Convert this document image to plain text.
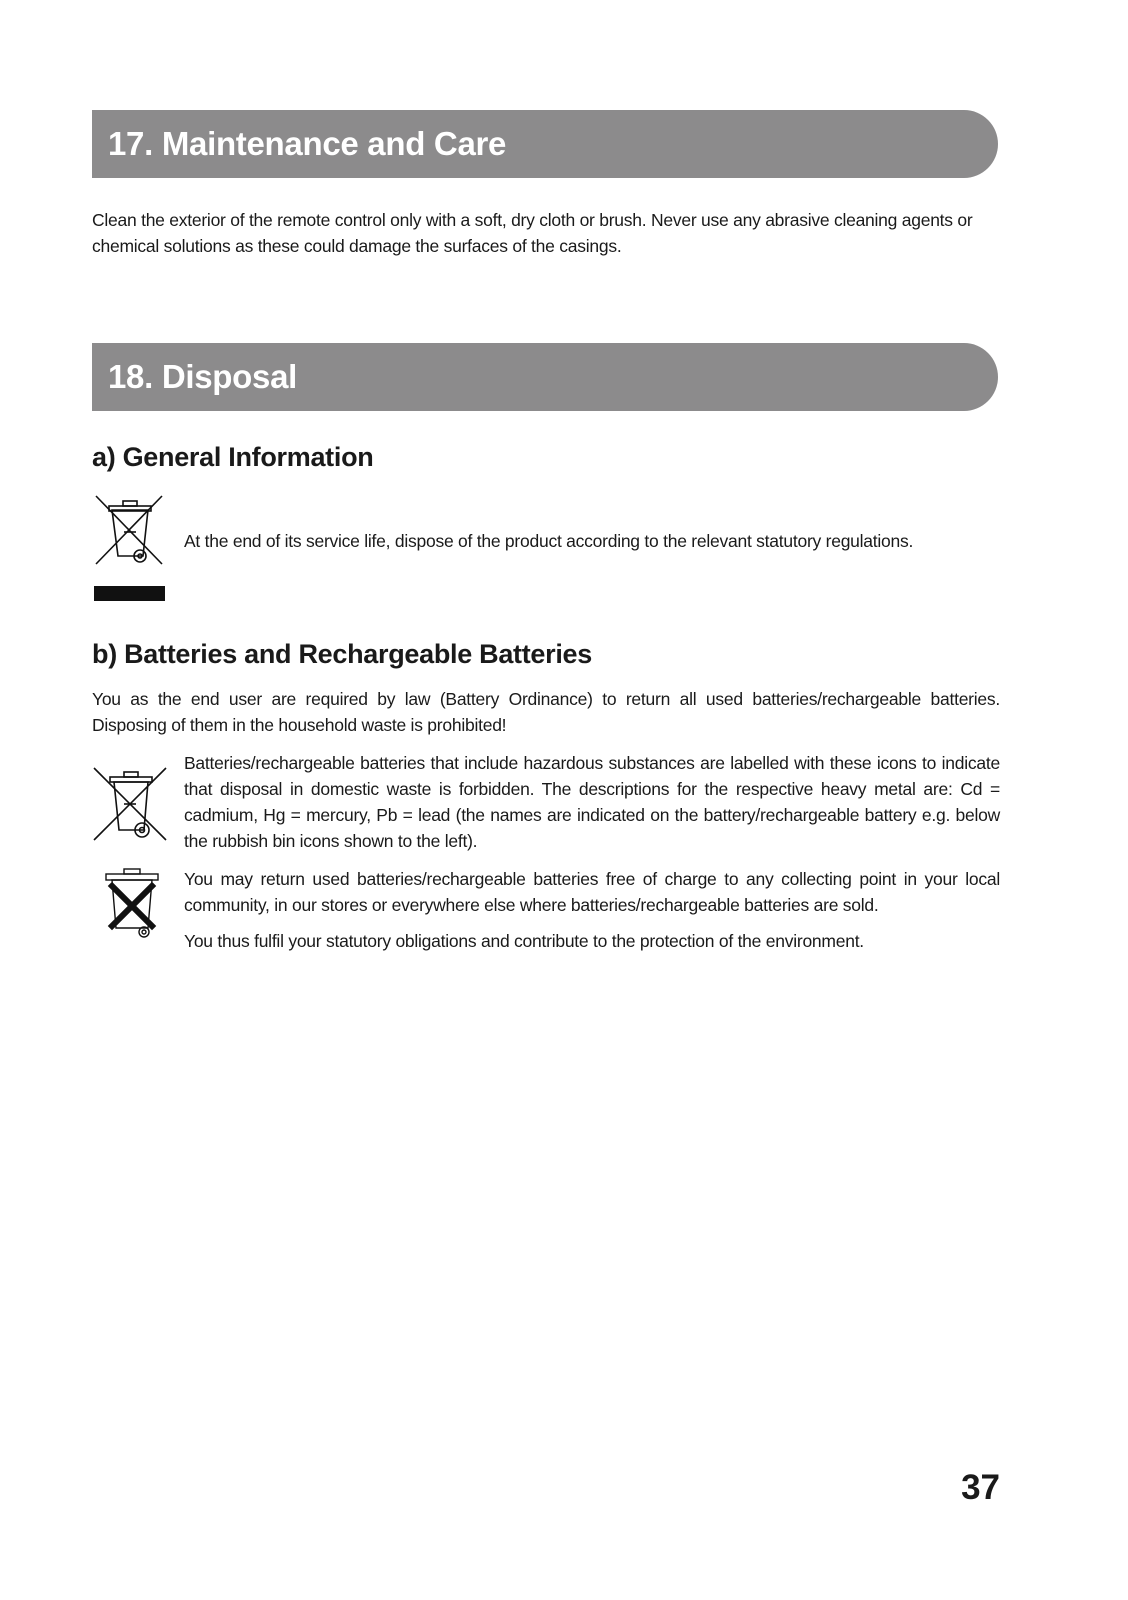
17. Maintenance and Care

Clean the exterior of the remote control only with a soft, dry cloth or brush. Never use any abrasive cleaning agents or chemical solutions as these could damage the surfaces of the casings.

18. Disposal
a) General Information

At the end of its service life, dispose of the product according to the relevant statutory regulations.

b) Batteries and Rechargeable Batteries

You as the end user are required by law (Battery Ordinance) to return all used batteries/rechargeable batteries. Disposing of them in the household waste is prohibited!

Batteries/rechargeable batteries that include hazardous substances are labelled with these icons to indicate that disposal in domestic waste is forbidden. The descriptions for the respective heavy metal are: Cd = cadmium, Hg = mercury, Pb = lead (the names are indicated on the battery/rechargeable battery e.g. below the rubbish bin icons shown to the left).

You may return used batteries/rechargeable batteries free of charge to any collecting point in your local community, in our stores or everywhere else where batteries/rechargeable batteries are sold.

You thus fulfil your statutory obligations and contribute to the protection of the environment.

37
